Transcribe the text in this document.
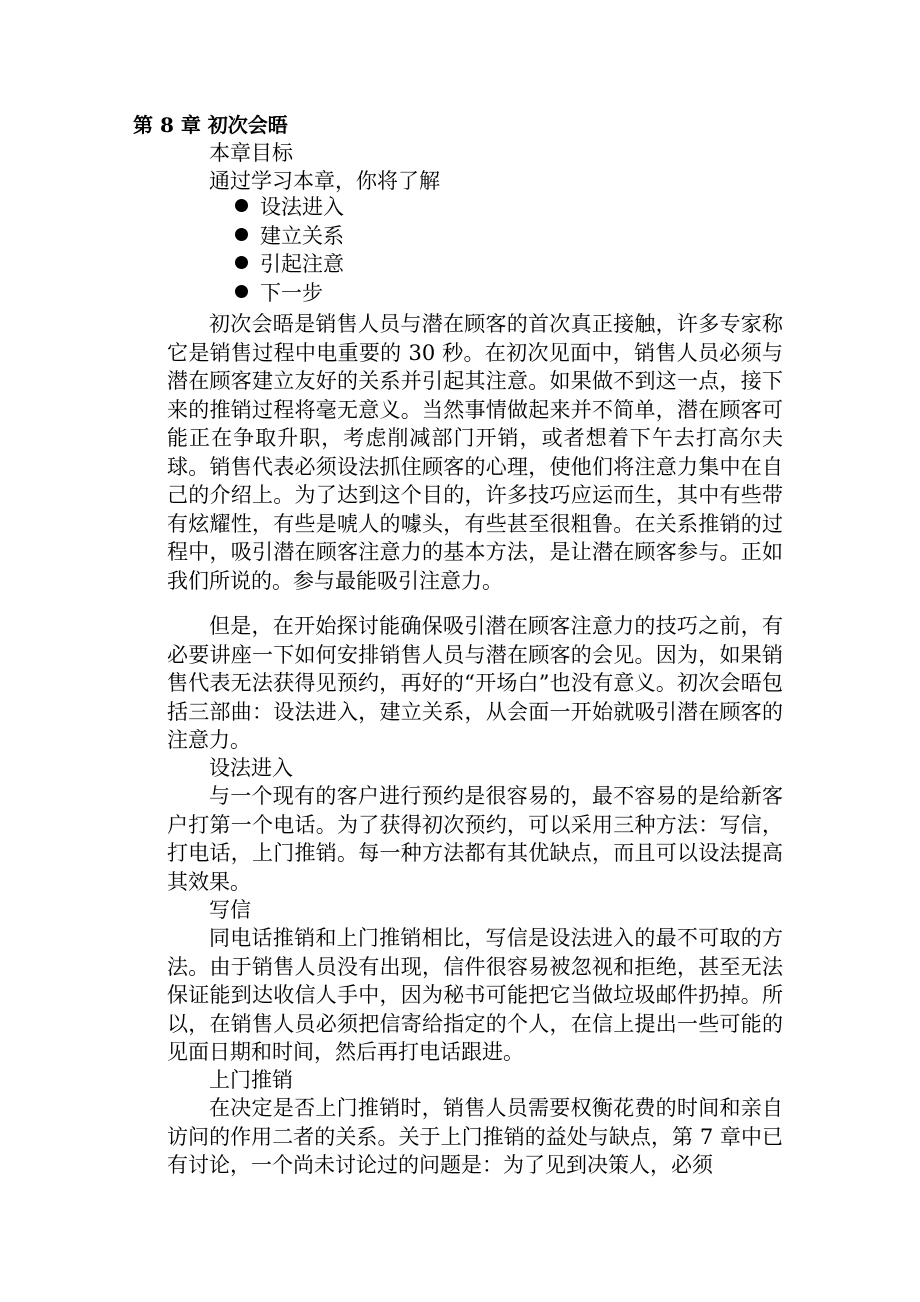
第 8 章 初次会晤
本章目标
通过学习本章，你将了解
设法进入
建立关系
引起注意
下一步
初次会晤是销售人员与潜在顾客的首次真正接触，许多专家称它是销售过程中电重要的 30 秒。在初次见面中，销售人员必须与潜在顾客建立友好的关系并引起其注意。如果做不到这一点，接下来的推销过程将毫无意义。当然事情做起来并不简单，潜在顾客可能正在争取升职，考虑削减部门开销，或者想着下午去打高尔夫球。销售代表必须设法抓住顾客的心理，使他们将注意力集中在自己的介绍上。为了达到这个目的，许多技巧应运而生，其中有些带有炫耀性，有些是唬人的噱头，有些甚至很粗鲁。在关系推销的过程中，吸引潜在顾客注意力的基本方法，是让潜在顾客参与。正如我们所说的。参与最能吸引注意力。
但是，在开始探讨能确保吸引潜在顾客注意力的技巧之前，有必要讲座一下如何安排销售人员与潜在顾客的会见。因为，如果销售代表无法获得见预约，再好的“开场白”也没有意义。初次会晤包括三部曲：设法进入，建立关系，从会面一开始就吸引潜在顾客的注意力。
设法进入
与一个现有的客户进行预约是很容易的，最不容易的是给新客户打第一个电话。为了获得初次预约，可以采用三种方法：写信，打电话，上门推销。每一种方法都有其优缺点，而且可以设法提高其效果。
写信
同电话推销和上门推销相比，写信是设法进入的最不可取的方法。由于销售人员没有出现，信件很容易被忽视和拒绝，甚至无法保证能到达收信人手中，因为秘书可能把它当做垃圾邮件扔掉。所以，在销售人员必须把信寄给指定的个人，在信上提出一些可能的见面日期和时间，然后再打电话跟进。
上门推销
在决定是否上门推销时，销售人员需要权衡花费的时间和亲自访问的作用二者的关系。关于上门推销的益处与缺点，第 7 章中已有讨论，一个尚未讨论过的问题是：为了见到决策人，必须
